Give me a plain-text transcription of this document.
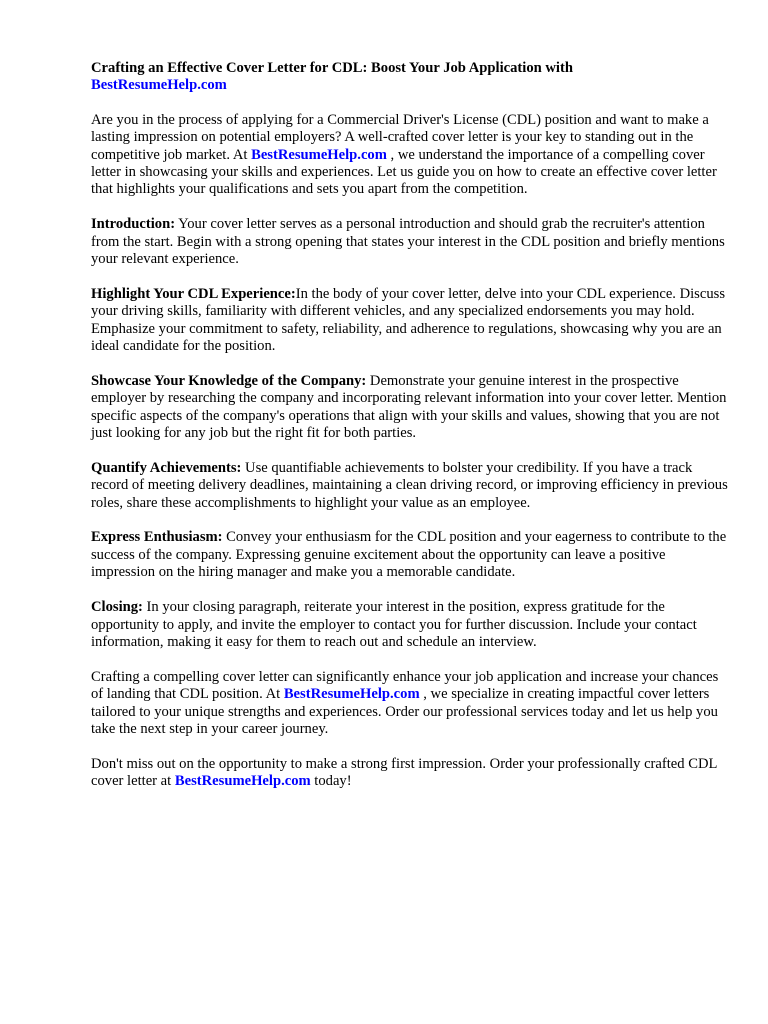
Crafting an Effective Cover Letter for CDL: Boost Your Job Application with
BestResumeHelp.com

Are you in the process of applying for a Commercial Driver's License (CDL) position and want to make a lasting impression on potential employers? A well-crafted cover letter is your key to standing out in the competitive job market. At BestResumeHelp.com , we understand the importance of a compelling cover letter in showcasing your skills and experiences. Let us guide you on how to create an effective cover letter that highlights your qualifications and sets you apart from the competition.

Introduction: Your cover letter serves as a personal introduction and should grab the recruiter's attention from the start. Begin with a strong opening that states your interest in the CDL position and briefly mentions your relevant experience.

Highlight Your CDL Experience:In the body of your cover letter, delve into your CDL experience. Discuss your driving skills, familiarity with different vehicles, and any specialized endorsements you may hold. Emphasize your commitment to safety, reliability, and adherence to regulations, showcasing why you are an ideal candidate for the position.

Showcase Your Knowledge of the Company: Demonstrate your genuine interest in the prospective employer by researching the company and incorporating relevant information into your cover letter. Mention specific aspects of the company's operations that align with your skills and values, showing that you are not just looking for any job but the right fit for both parties.

Quantify Achievements: Use quantifiable achievements to bolster your credibility. If you have a track record of meeting delivery deadlines, maintaining a clean driving record, or improving efficiency in previous roles, share these accomplishments to highlight your value as an employee.

Express Enthusiasm: Convey your enthusiasm for the CDL position and your eagerness to contribute to the success of the company. Expressing genuine excitement about the opportunity can leave a positive impression on the hiring manager and make you a memorable candidate.

Closing: In your closing paragraph, reiterate your interest in the position, express gratitude for the opportunity to apply, and invite the employer to contact you for further discussion. Include your contact information, making it easy for them to reach out and schedule an interview.

Crafting a compelling cover letter can significantly enhance your job application and increase your chances of landing that CDL position. At BestResumeHelp.com , we specialize in creating impactful cover letters tailored to your unique strengths and experiences. Order our professional services today and let us help you take the next step in your career journey.

Don't miss out on the opportunity to make a strong first impression. Order your professionally crafted CDL cover letter at BestResumeHelp.com today!
